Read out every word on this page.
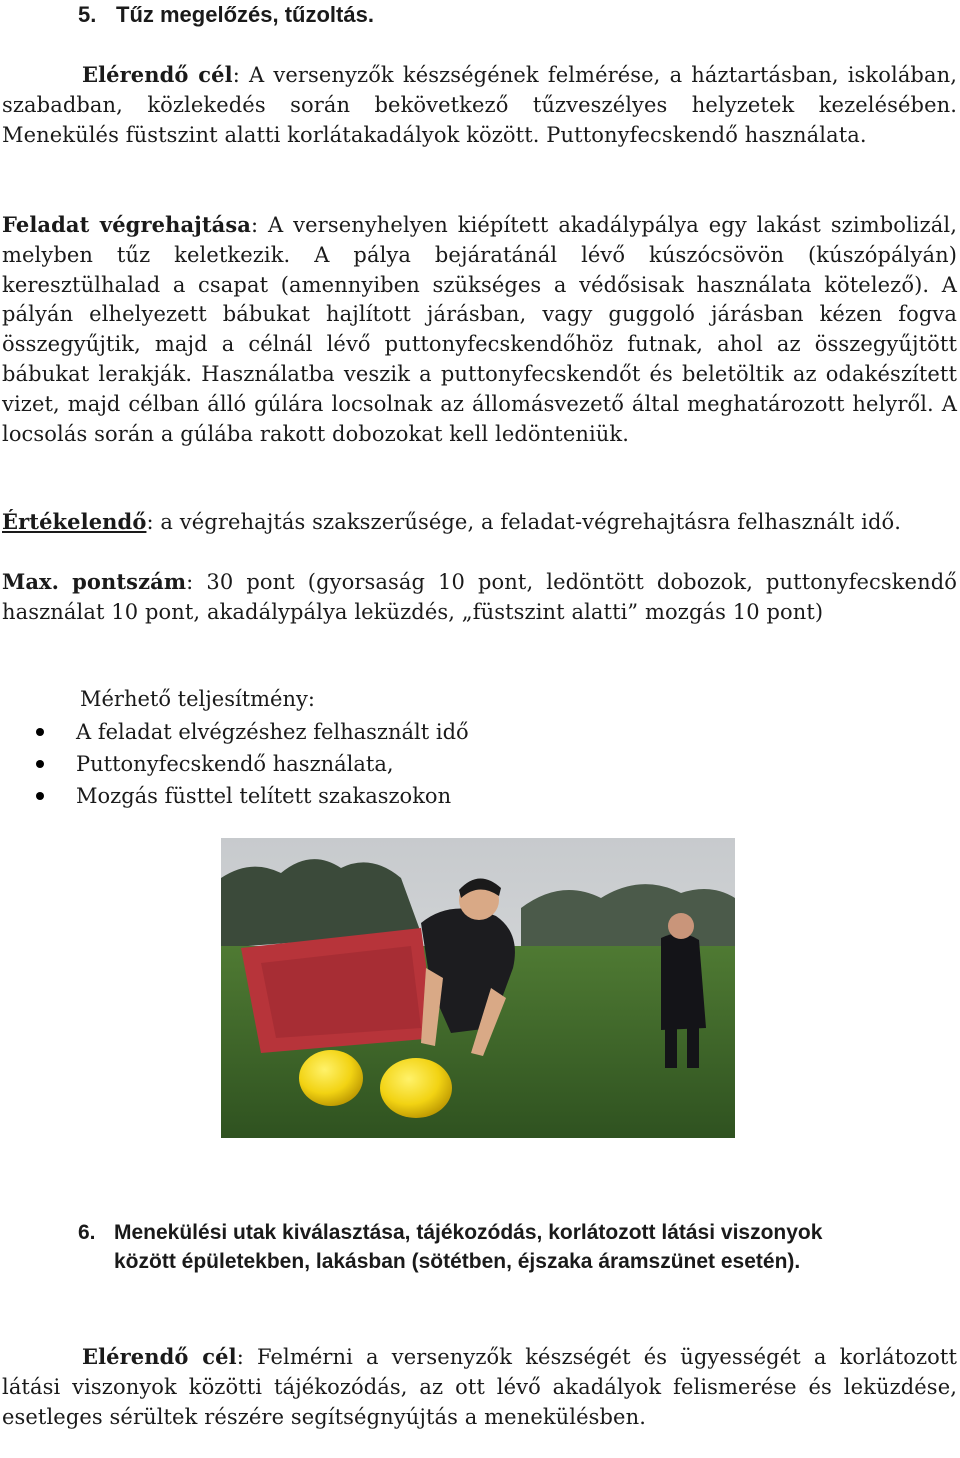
5. Tűz megelőzés, tűzoltás.
Elérendő cél: A versenyzők készségének felmérése, a háztartásban, iskolában, szabadban, közlekedés során bekövetkező tűzveszélyes helyzetek kezelésében. Menekülés füstszint alatti korlátakadályok között. Puttonyfecskendő használata.
Feladat végrehajtása: A versenyhelyen kiépített akadálypálya egy lakást szimbolizál, melyben tűz keletkezik. A pálya bejáratánál lévő kúszócsövön (kúszópályán) keresztülhalad a csapat (amennyiben szükséges a védősisak használata kötelező). A pályán elhelyezett bábukat hajlított járásban, vagy guggoló járásban kézen fogva összegyűjtik, majd a célnál lévő puttonyfecskendőhöz futnak, ahol az összegyűjtött bábukat lerakják. Használatba veszik a puttonyfecskendőt és beletöltik az odakészített vizet, majd célban álló gúlára locsolnak az állomásvezető által meghatározott helyről. A locsolás során a gúlába rakott dobozokat kell ledönteniük.
Értékelendő: a végrehajtás szakszerűsége, a feladat-végrehajtásra felhasznált idő.
Max. pontszám: 30 pont (gyorsaság 10 pont, ledöntött dobozok, puttonyfecskendő használat 10 pont, akadálypálya leküzdés, „füstszint alatti” mozgás 10 pont)
Mérhető teljesítmény:
A feladat elvégzéshez felhasznált idő
Puttonyfecskendő használata,
Mozgás füsttel telített szakaszokon
6. Menekülési utak kiválasztása, tájékozódás, korlátozott látási viszonyok között épületekben, lakásban (sötétben, éjszaka áramszünet esetén).
Elérendő cél: Felmérni a versenyzők készségét és ügyességét a korlátozott látási viszonyok közötti tájékozódás, az ott lévő akadályok felismerése és leküzdése, esetleges sérültek részére segítségnyújtás a menekülésben.
